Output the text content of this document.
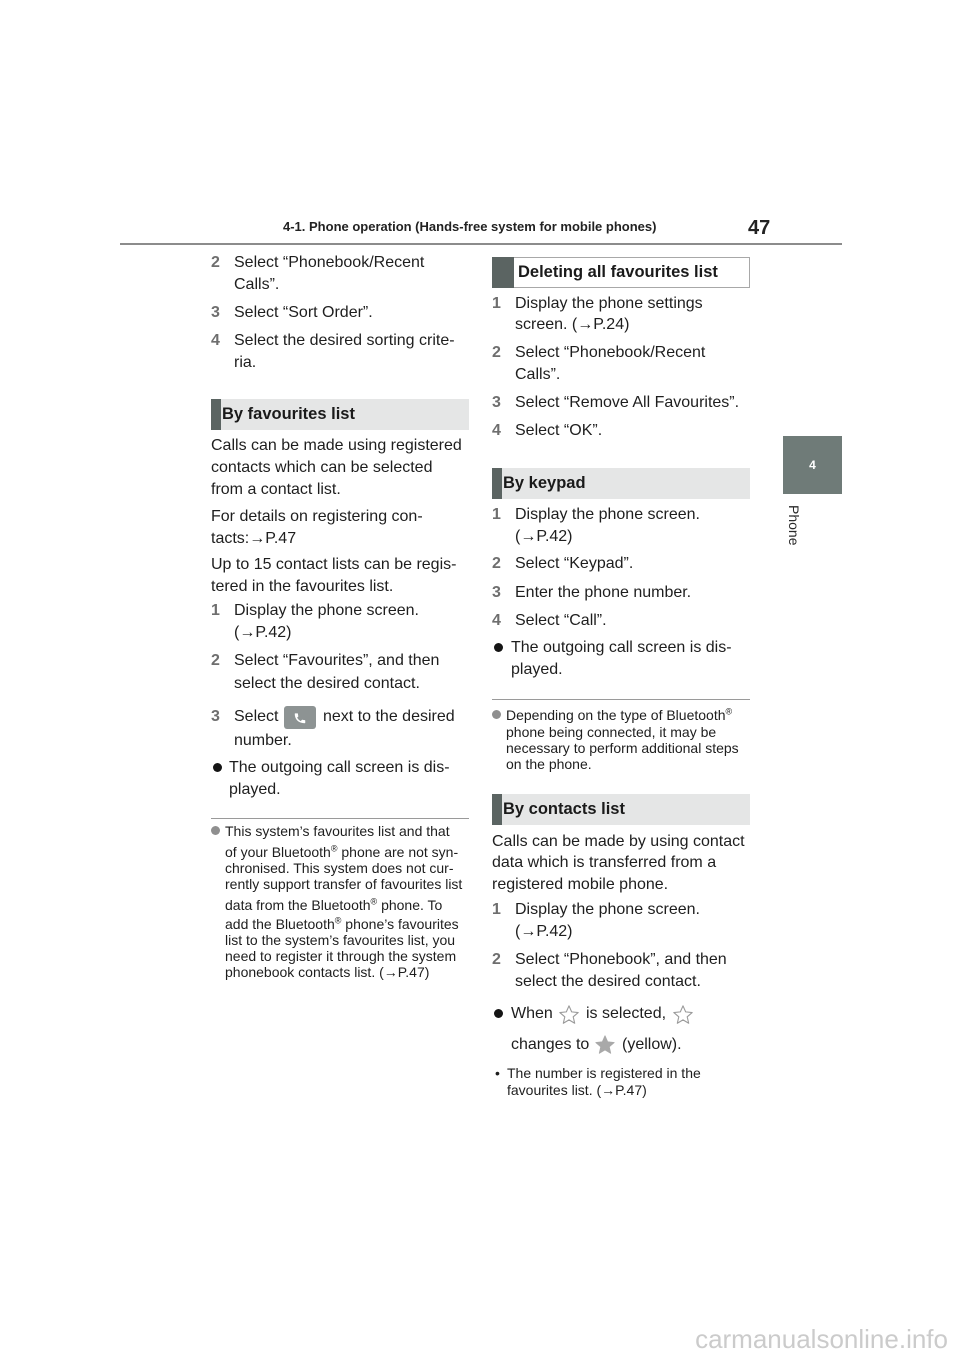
4-1. Phone operation (Hands-free system for mobile phones)	47
4
Phone
2 Select “Phonebook/Recent
Calls”.
3 Select “Sort Order”.
4 Select the desired sorting crite-
ria.
By favourites list
Calls can be made using registered
contacts which can be selected
from a contact list.
For details on registering con-
tacts:→P.47
Up to 15 contact lists can be regis-
tered in the favourites list.
1 Display the phone screen.
(→P.42)
2 Select “Favourites”, and then
select the desired contact.
3 Select	next to the desired
number.
The outgoing call screen is dis-
played.
This system’s favourites list and that
of your Bluetooth® phone are not syn-
chronised. This system does not cur-
rently support transfer of favourites list
data from the Bluetooth® phone. To
add the Bluetooth® phone’s favourites
list to the system’s favourites list, you
need to register it through the system
phonebook contacts list. (→P.47)
Deleting all favourites list
1 Display the phone settings
screen. (→P.24)
2 Select “Phonebook/Recent
Calls”.
3 Select “Remove All Favourites”.
4 Select “OK”.
By keypad
1 Display the phone screen.
(→P.42)
2 Select “Keypad”.
3 Enter the phone number.
4 Select “Call”.
The outgoing call screen is dis-
played.
Depending on the type of Bluetooth®
phone being connected, it may be
necessary to perform additional steps
on the phone.
By contacts list
Calls can be made by using contact
data which is transferred from a
registered mobile phone.
1 Display the phone screen.
(→P.42)
2 Select “Phonebook”, and then
select the desired contact.
When is selected,
changes to (yellow).
• The number is registered in the
favourites list. (→P.47)
carmanualsonline.info
